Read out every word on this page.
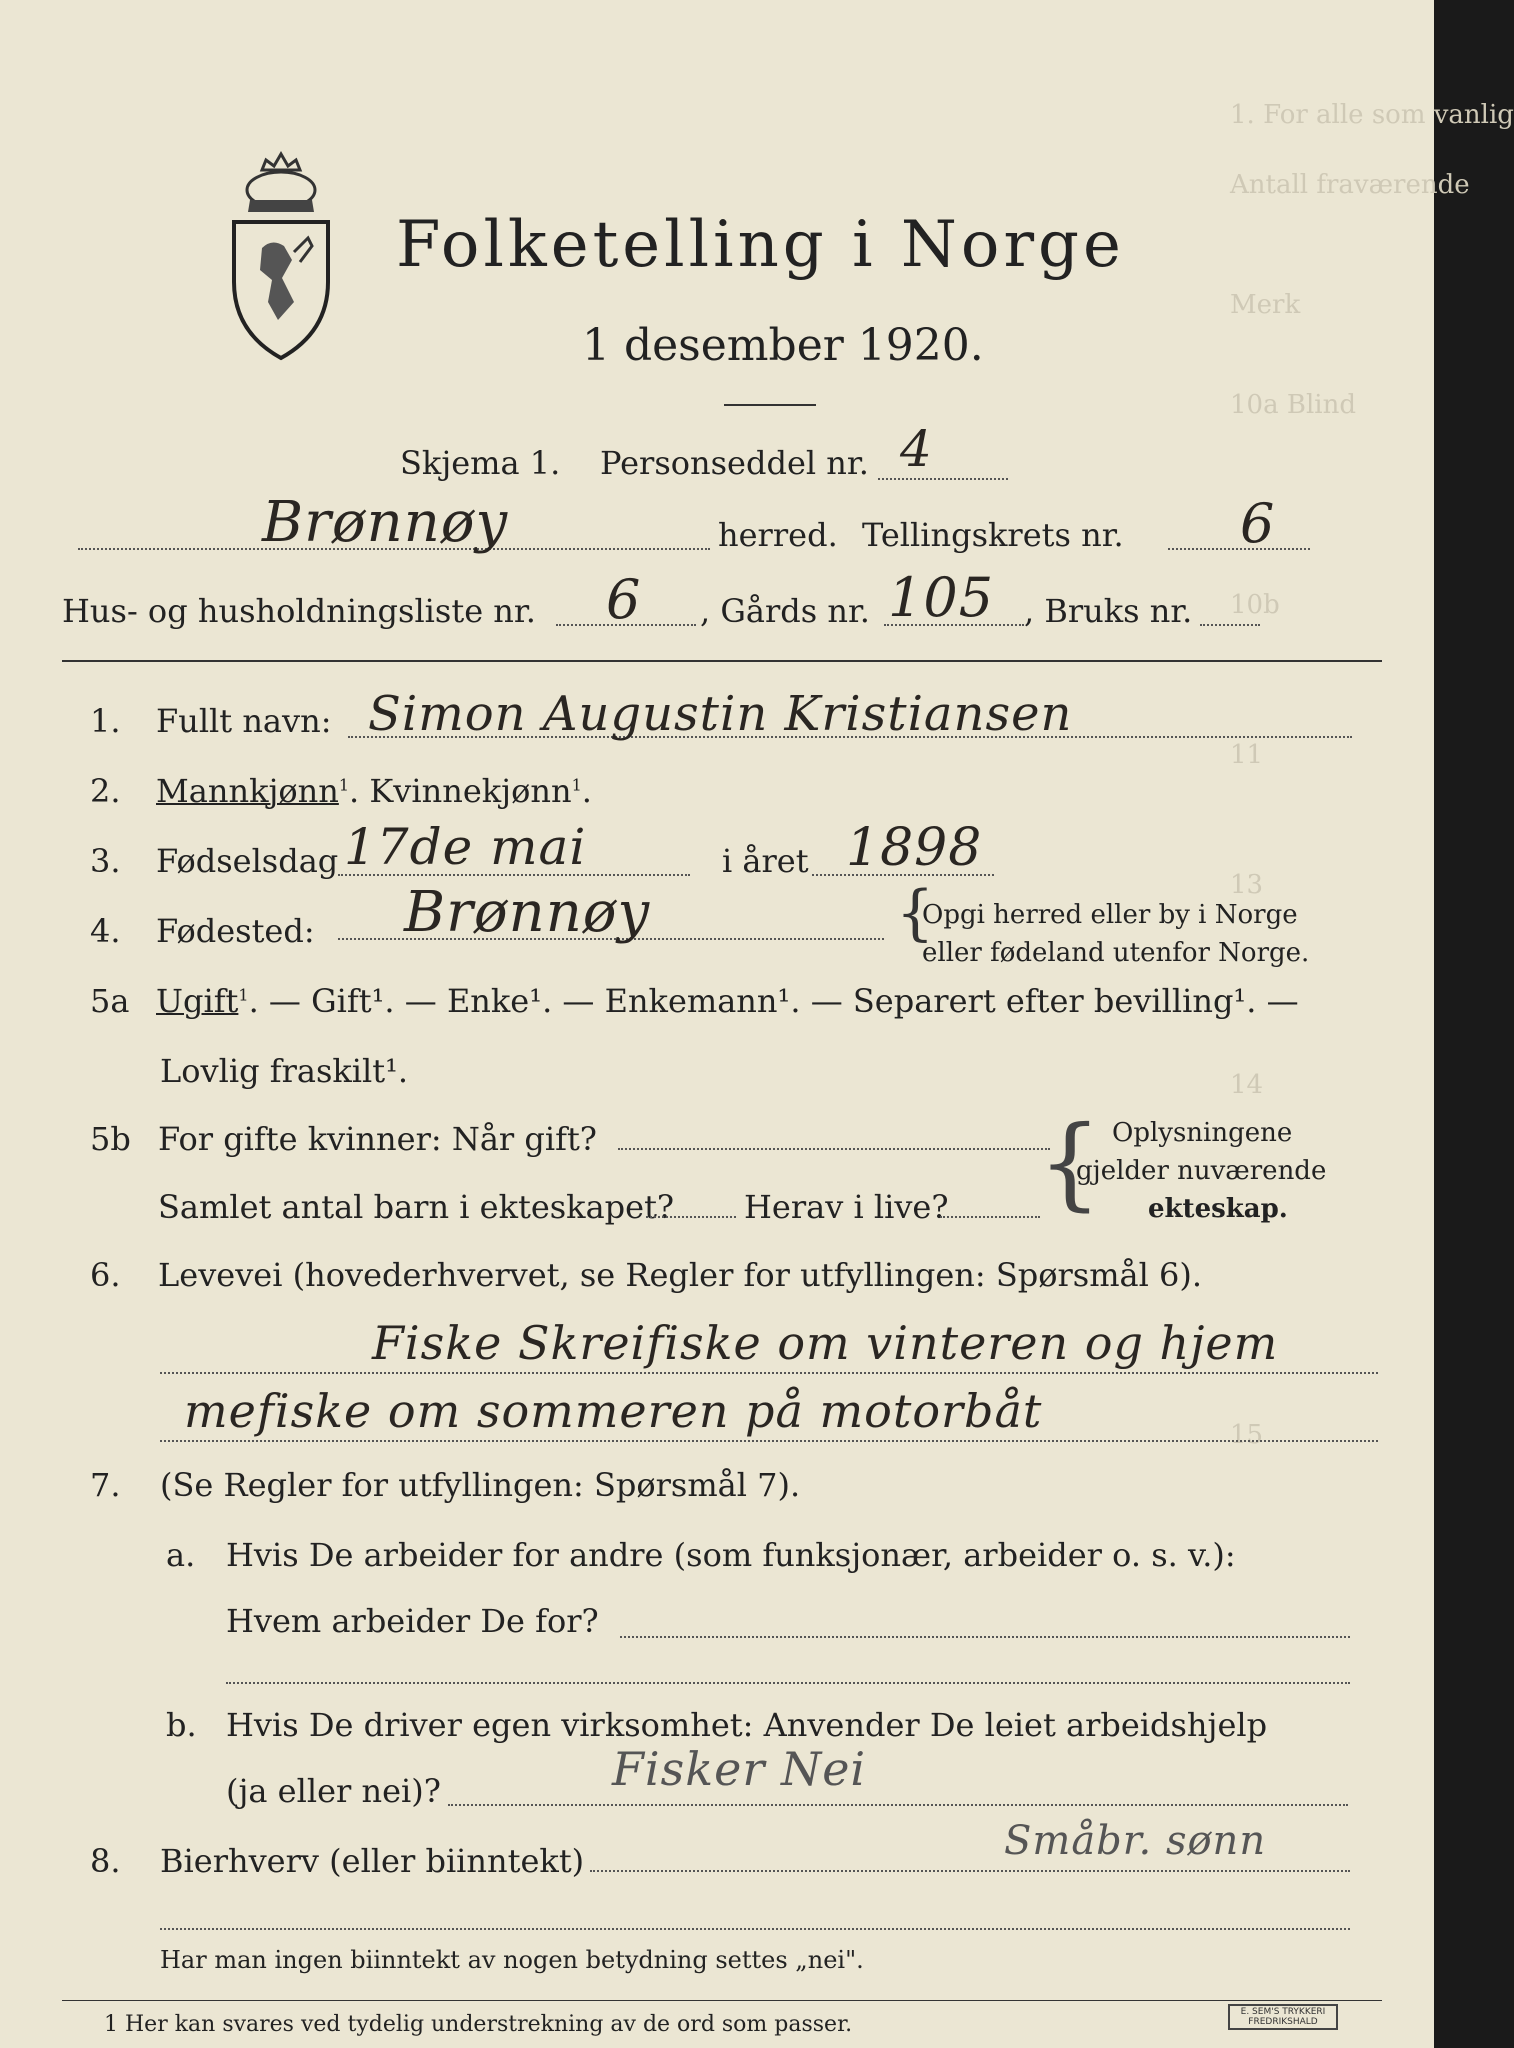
1. For alle som vanlig
Antall fraværende
Merk
10a Blind
10b
11
13
14
15
Folketelling i Norge
1 desember 1920.
Skjema 1. Personseddel nr. 4
Brønnøy	herred. Tellingskrets nr. 6
Hus- og husholdningsliste nr. 6 , Gårds nr. 105 , Bruks nr.
1. Fullt navn: Simon Augustin Kristiansen
2. Mannkjønn$^1$. Kvinnekjønn$^1$.
3. Fødselsdag 17de mai	i året 1898
4. Fødested: Brønnøy	{
Opgi herred eller by i Norge
eller fødeland utenfor Norge.
5a Ugift$^1$. — Gift¹. — Enke¹. — Enkemann¹. — Separert efter bevilling¹. —
Lovlig fraskilt¹.
5b For gifte kvinner: Når gift?
Samlet antal barn i ekteskapet? Herav i live? { Oplysningene
gjelder nuværende
ekteskap.
6. Levevei (hovederhvervet, se Regler for utfyllingen: Spørsmål 6).
Fiske Skreifiske om vinteren og hjem
mefiske om sommeren på motorbåt
7. (Se Regler for utfyllingen: Spørsmål 7).
a. Hvis De arbeider for andre (som funksjonær, arbeider o. s. v.):
Hvem arbeider De for?
b. Hvis De driver egen virksomhet: Anvender De leiet arbeidshjelp
(ja eller nei)?	Fisker Nei
8. Bierhverv (eller biinntekt)	Småbr. sønn
Har man ingen biinntekt av nogen betydning settes „nei".
1 Her kan svares ved tydelig understrekning av de ord som passer.	E. SEM'S TRYKKERI
FREDRIKSHALD
